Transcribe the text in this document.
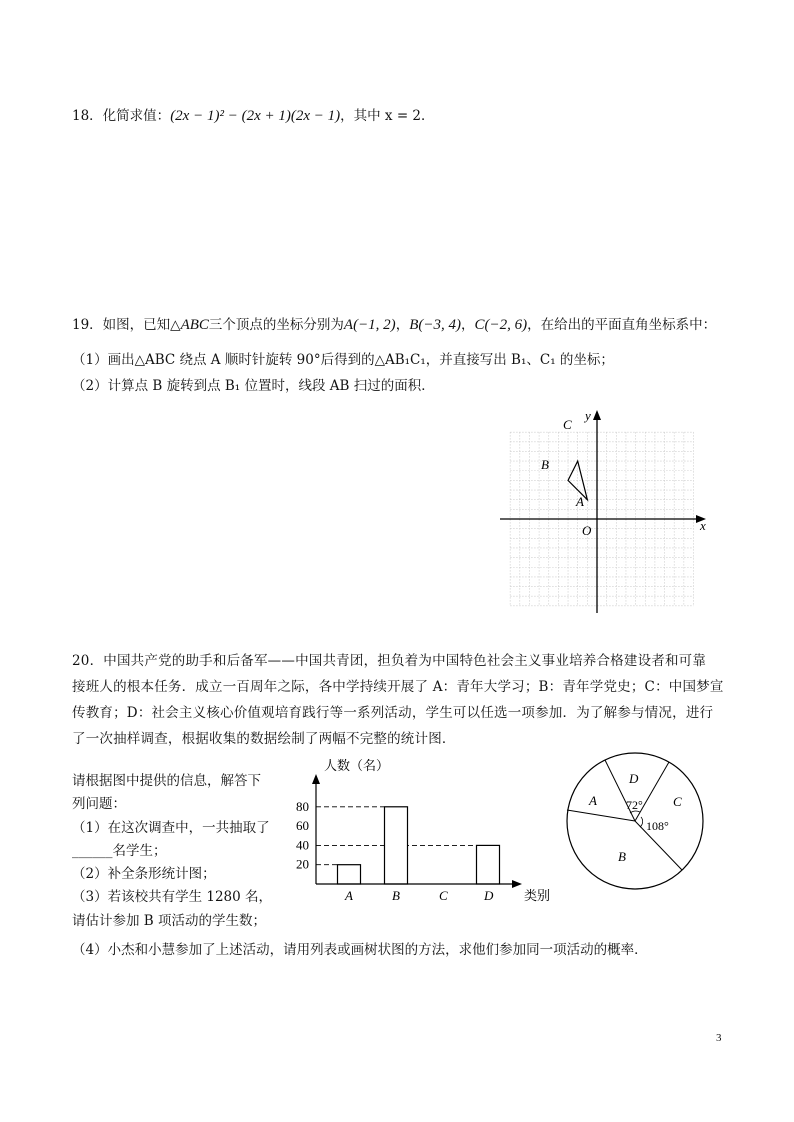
18．化简求值：(2x − 1)² − (2x + 1)(2x − 1)，其中 x = 2．
19．如图，已知△ABC三个顶点的坐标分别为A(−1, 2)，B(−3, 4)，C(−2, 6)，在给出的平面直角坐标系中：
（1）画出△ABC 绕点 A 顺时针旋转 90°后得到的△AB₁C₁，并直接写出 B₁、C₁ 的坐标；
（2）计算点 B 旋转到点 B₁ 位置时，线段 AB 扫过的面积．
x
y
O
A
B
C
20．中国共产党的助手和后备军——中国共青团，担负着为中国特色社会主义事业培养合格建设者和可靠
接班人的根本任务．成立一百周年之际，各中学持续开展了 A：青年大学习；B：青年学党史；C：中国梦宣
传教育；D：社会主义核心价值观培育践行等一系列活动，学生可以任选一项参加．为了解参与情况，进行
了一次抽样调查，根据收集的数据绘制了两幅不完整的统计图．
请根据图中提供的信息，解答下
列问题：
（1）在这次调查中，一共抽取了
______名学生；
（2）补全条形统计图；
（3）若该校共有学生 1280 名，
请估计参加 B 项活动的学生数；
（4）小杰和小慧参加了上述活动，请用列表或画树状图的方法，求他们参加同一项活动的概率．
20
40
60
80
A	B	C	D
人数（名）
类别
D
A	C
B
72°
108°
3
